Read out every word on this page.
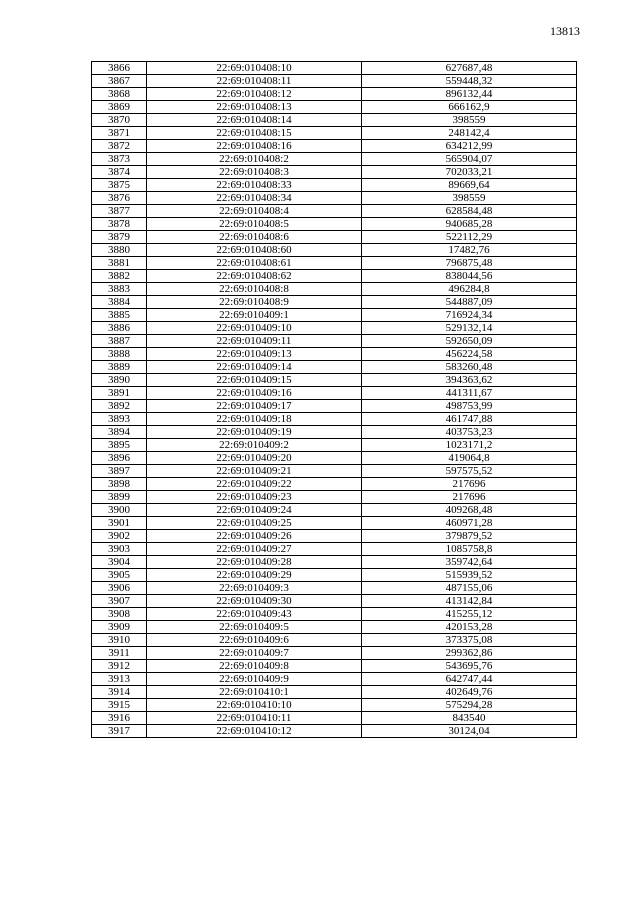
13813
3866	22:69:010408:10	627687,48
3867	22:69:010408:11	559448,32
3868	22:69:010408:12	896132,44
3869	22:69:010408:13	666162,9
3870	22:69:010408:14	398559
3871	22:69:010408:15	248142,4
3872	22:69:010408:16	634212,99
3873	22:69:010408:2	565904,07
3874	22:69:010408:3	702033,21
3875	22:69:010408:33	89669,64
3876	22:69:010408:34	398559
3877	22:69:010408:4	628584,48
3878	22:69:010408:5	940685,28
3879	22:69:010408:6	522112,29
3880	22:69:010408:60	17482,76
3881	22:69:010408:61	796875,48
3882	22:69:010408:62	838044,56
3883	22:69:010408:8	496284,8
3884	22:69:010408:9	544887,09
3885	22:69:010409:1	716924,34
3886	22:69:010409:10	529132,14
3887	22:69:010409:11	592650,09
3888	22:69:010409:13	456224,58
3889	22:69:010409:14	583260,48
3890	22:69:010409:15	394363,62
3891	22:69:010409:16	441311,67
3892	22:69:010409:17	498753,99
3893	22:69:010409:18	461747,88
3894	22:69:010409:19	403753,23
3895	22:69:010409:2	1023171,2
3896	22:69:010409:20	419064,8
3897	22:69:010409:21	597575,52
3898	22:69:010409:22	217696
3899	22:69:010409:23	217696
3900	22:69:010409:24	409268,48
3901	22:69:010409:25	460971,28
3902	22:69:010409:26	379879,52
3903	22:69:010409:27	1085758,8
3904	22:69:010409:28	359742,64
3905	22:69:010409:29	515939,52
3906	22:69:010409:3	487155,06
3907	22:69:010409:30	413142,84
3908	22:69:010409:43	415255,12
3909	22:69:010409:5	420153,28
3910	22:69:010409:6	373375,08
3911	22:69:010409:7	299362,86
3912	22:69:010409:8	543695,76
3913	22:69:010409:9	642747,44
3914	22:69:010410:1	402649,76
3915	22:69:010410:10	575294,28
3916	22:69:010410:11	843540
3917	22:69:010410:12	30124,04
